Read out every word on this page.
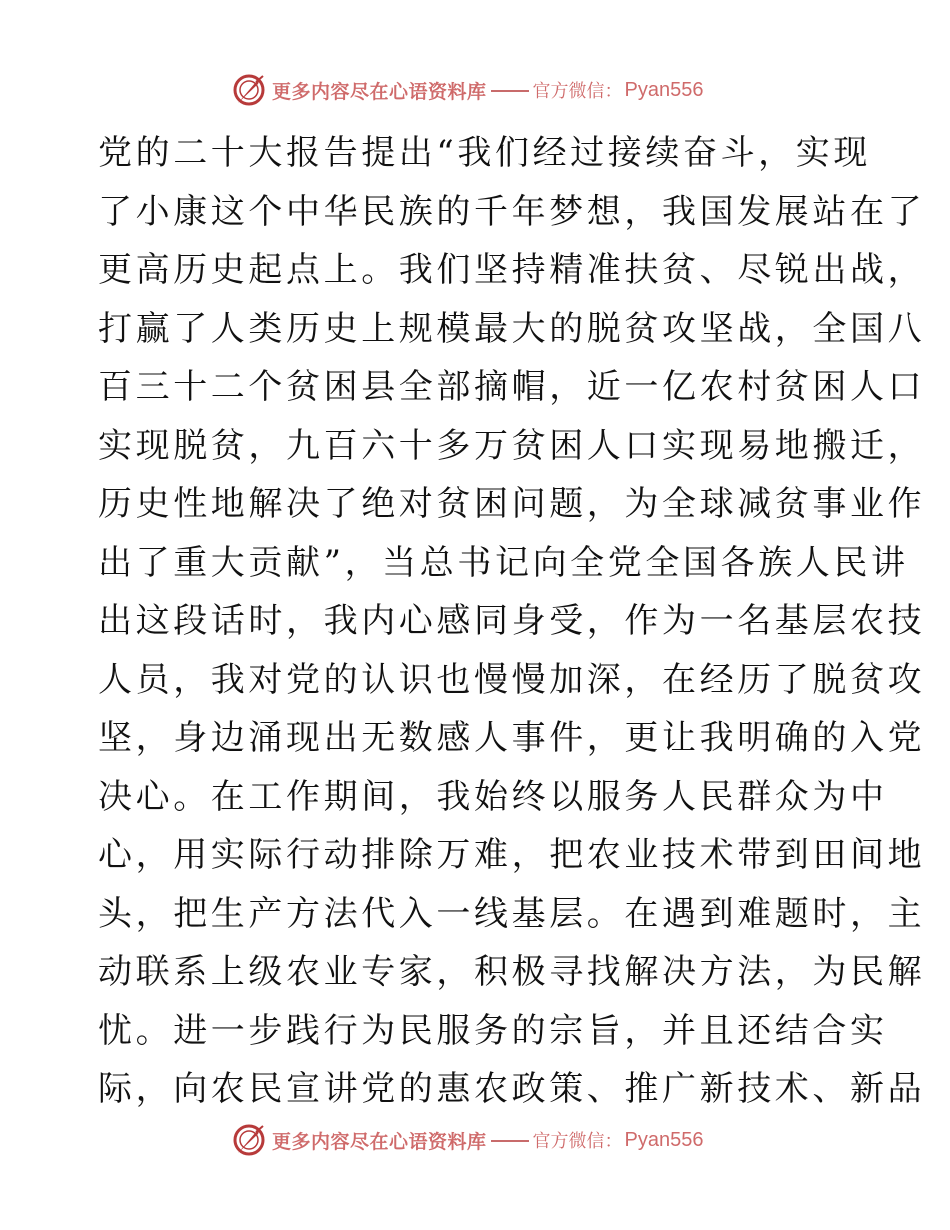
更多内容尽在心语资料库	官方微信： Pyan556
党的二十大报告提出“我们经过接续奋斗，实现
了小康这个中华民族的千年梦想，我国发展站在了
更高历史起点上。我们坚持精准扶贫、尽锐出战，
打赢了人类历史上规模最大的脱贫攻坚战，全国八
百三十二个贫困县全部摘帽，近一亿农村贫困人口
实现脱贫，九百六十多万贫困人口实现易地搬迁，
历史性地解决了绝对贫困问题，为全球减贫事业作
出了重大贡献”，当总书记向全党全国各族人民讲
出这段话时，我内心感同身受，作为一名基层农技
人员，我对党的认识也慢慢加深，在经历了脱贫攻
坚，身边涌现出无数感人事件，更让我明确的入党
决心。在工作期间，我始终以服务人民群众为中
心，用实际行动排除万难，把农业技术带到田间地
头，把生产方法代入一线基层。在遇到难题时，主
动联系上级农业专家，积极寻找解决方法，为民解
忧。进一步践行为民服务的宗旨，并且还结合实
际，向农民宣讲党的惠农政策、推广新技术、新品
更多内容尽在心语资料库	官方微信： Pyan556
